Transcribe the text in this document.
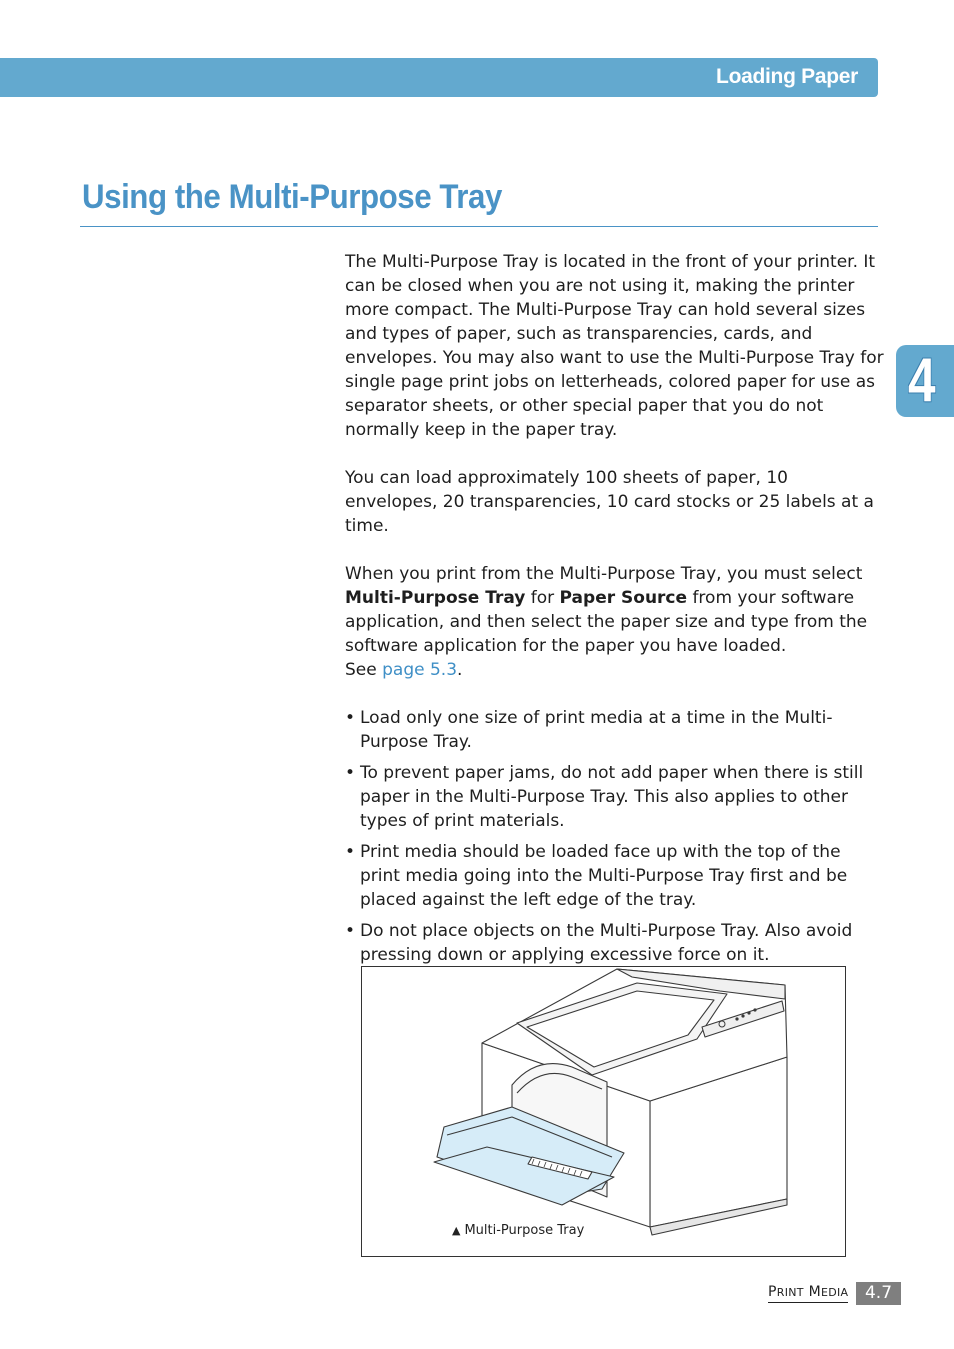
Loading Paper
Using the Multi-Purpose Tray
4

The Multi-Purpose Tray is located in the front of your printer. It can be closed when you are not using it, making the printer more compact. The Multi-Purpose Tray can hold several sizes and types of paper, such as transparencies, cards, and envelopes. You may also want to use the Multi-Purpose Tray for single page print jobs on letterheads, colored paper for use as separator sheets, or other special paper that you do not normally keep in the paper tray.

You can load approximately 100 sheets of paper, 10 envelopes, 20 transparencies, 10 card stocks or 25 labels at a time.

When you print from the Multi-Purpose Tray, you must select Multi-Purpose Tray for Paper Source from your software application, and then select the paper size and type from the software application for the paper you have loaded.
See page 5.3.

• Load only one size of print media at a time in the Multi-Purpose Tray.
• To prevent paper jams, do not add paper when there is still paper in the Multi-Purpose Tray. This also applies to other types of print materials.
• Print media should be loaded face up with the top of the print media going into the Multi-Purpose Tray first and be placed against the left edge of the tray.
• Do not place objects on the Multi-Purpose Tray. Also avoid pressing down or applying excessive force on it.
▲ Multi-Purpose Tray
PRINT MEDIA 4.7
